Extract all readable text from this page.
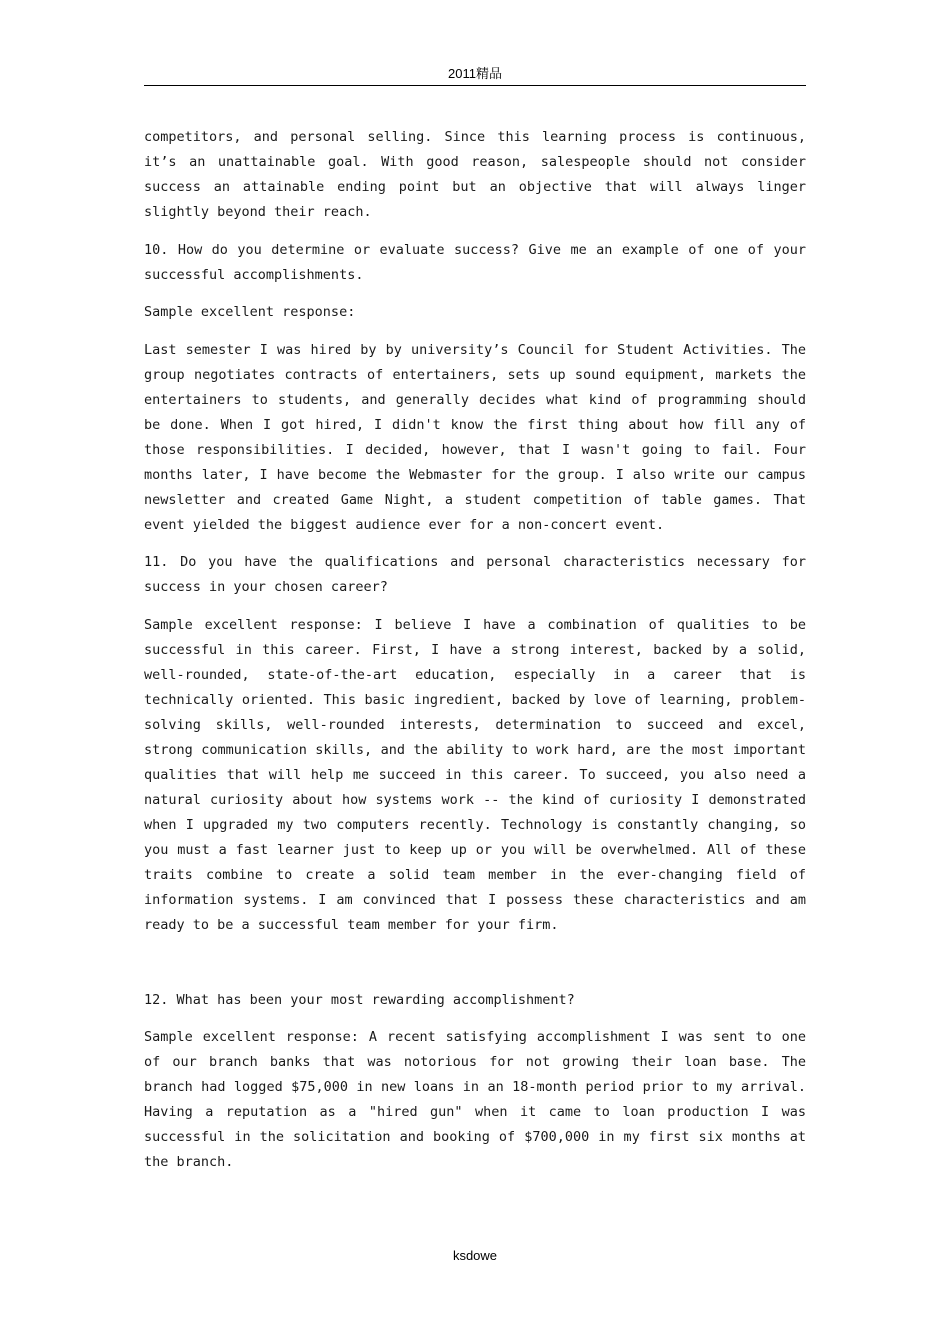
2011精品

competitors, and personal selling. Since this learning process is continuous, it’s an unattainable goal. With good reason, salespeople should not consider success an attainable ending point but an objective that will always linger slightly beyond their reach.

10. How do you determine or evaluate success? Give me an example of one of your successful accomplishments.

Sample excellent response:

Last semester I was hired by by university’s Council for Student Activities. The group negotiates contracts of entertainers, sets up sound equipment, markets the entertainers to students, and generally decides what kind of programming should be done. When I got hired, I didn't know the first thing about how fill any of those responsibilities. I decided, however, that I wasn't going to fail. Four months later, I have become the Webmaster for the group. I also write our campus newsletter and created Game Night, a student competition of table games. That event yielded the biggest audience ever for a non-concert event.

11. Do you have the qualifications and personal characteristics necessary for success in your chosen career?

Sample excellent response: I believe I have a combination of qualities to be successful in this career. First, I have a strong interest, backed by a solid, well-rounded, state-of-the-art education, especially in a career that is technically oriented. This basic ingredient, backed by love of learning, problem-solving skills, well-rounded interests, determination to succeed and excel, strong communication skills, and the ability to work hard, are the most important qualities that will help me succeed in this career. To succeed, you also need a natural curiosity about how systems work -- the kind of curiosity I demonstrated when I upgraded my two computers recently. Technology is constantly changing, so you must a fast learner just to keep up or you will be overwhelmed. All of these traits combine to create a solid team member in the ever-changing field of information systems. I am convinced that I possess these characteristics and am ready to be a successful team member for your firm.

12. What has been your most rewarding accomplishment?

Sample excellent response: A recent satisfying accomplishment I was sent to one of our branch banks that was notorious for not growing their loan base. The branch had logged $75,000 in new loans in an 18-month period prior to my arrival. Having a reputation as a "hired gun" when it came to loan production I was successful in the solicitation and booking of $700,000 in my first six months at the branch.

ksdowe
